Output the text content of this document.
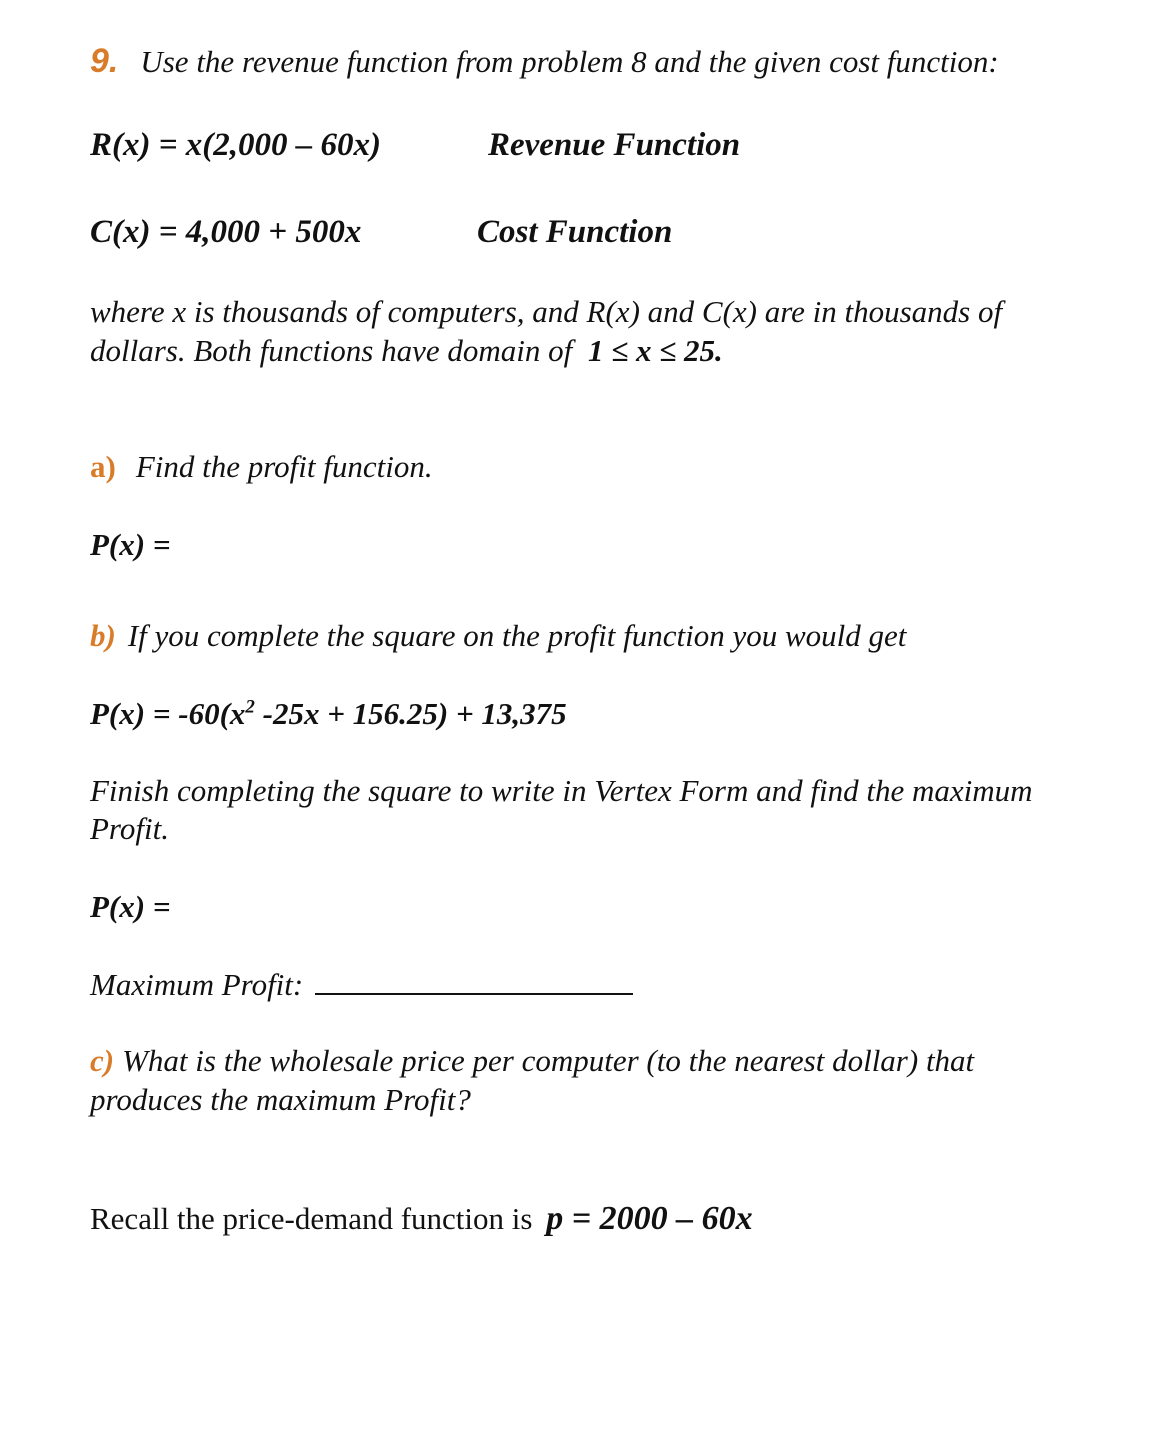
9. Use the revenue function from problem 8 and the given cost function:
R(x) = x(2,000 – 60x)	Revenue Function
C(x) = 4,000 + 500x	Cost Function
where x is thousands of computers, and R(x) and C(x) are in thousands of
dollars. Both functions have domain of 1 ≤ x ≤ 25.
a) Find the profit function.
P(x) =
b) If you complete the square on the profit function you would get
$P(x) = -60(x^2$ -25x + 156.25) + 13,375
Finish completing the square to write in Vertex Form and find the maximum
Profit.
P(x) =
Maximum Profit:
c) What is the wholesale price per computer (to the nearest dollar) that
produces the maximum Profit?
Recall the price-demand function is p = 2000 – 60x
